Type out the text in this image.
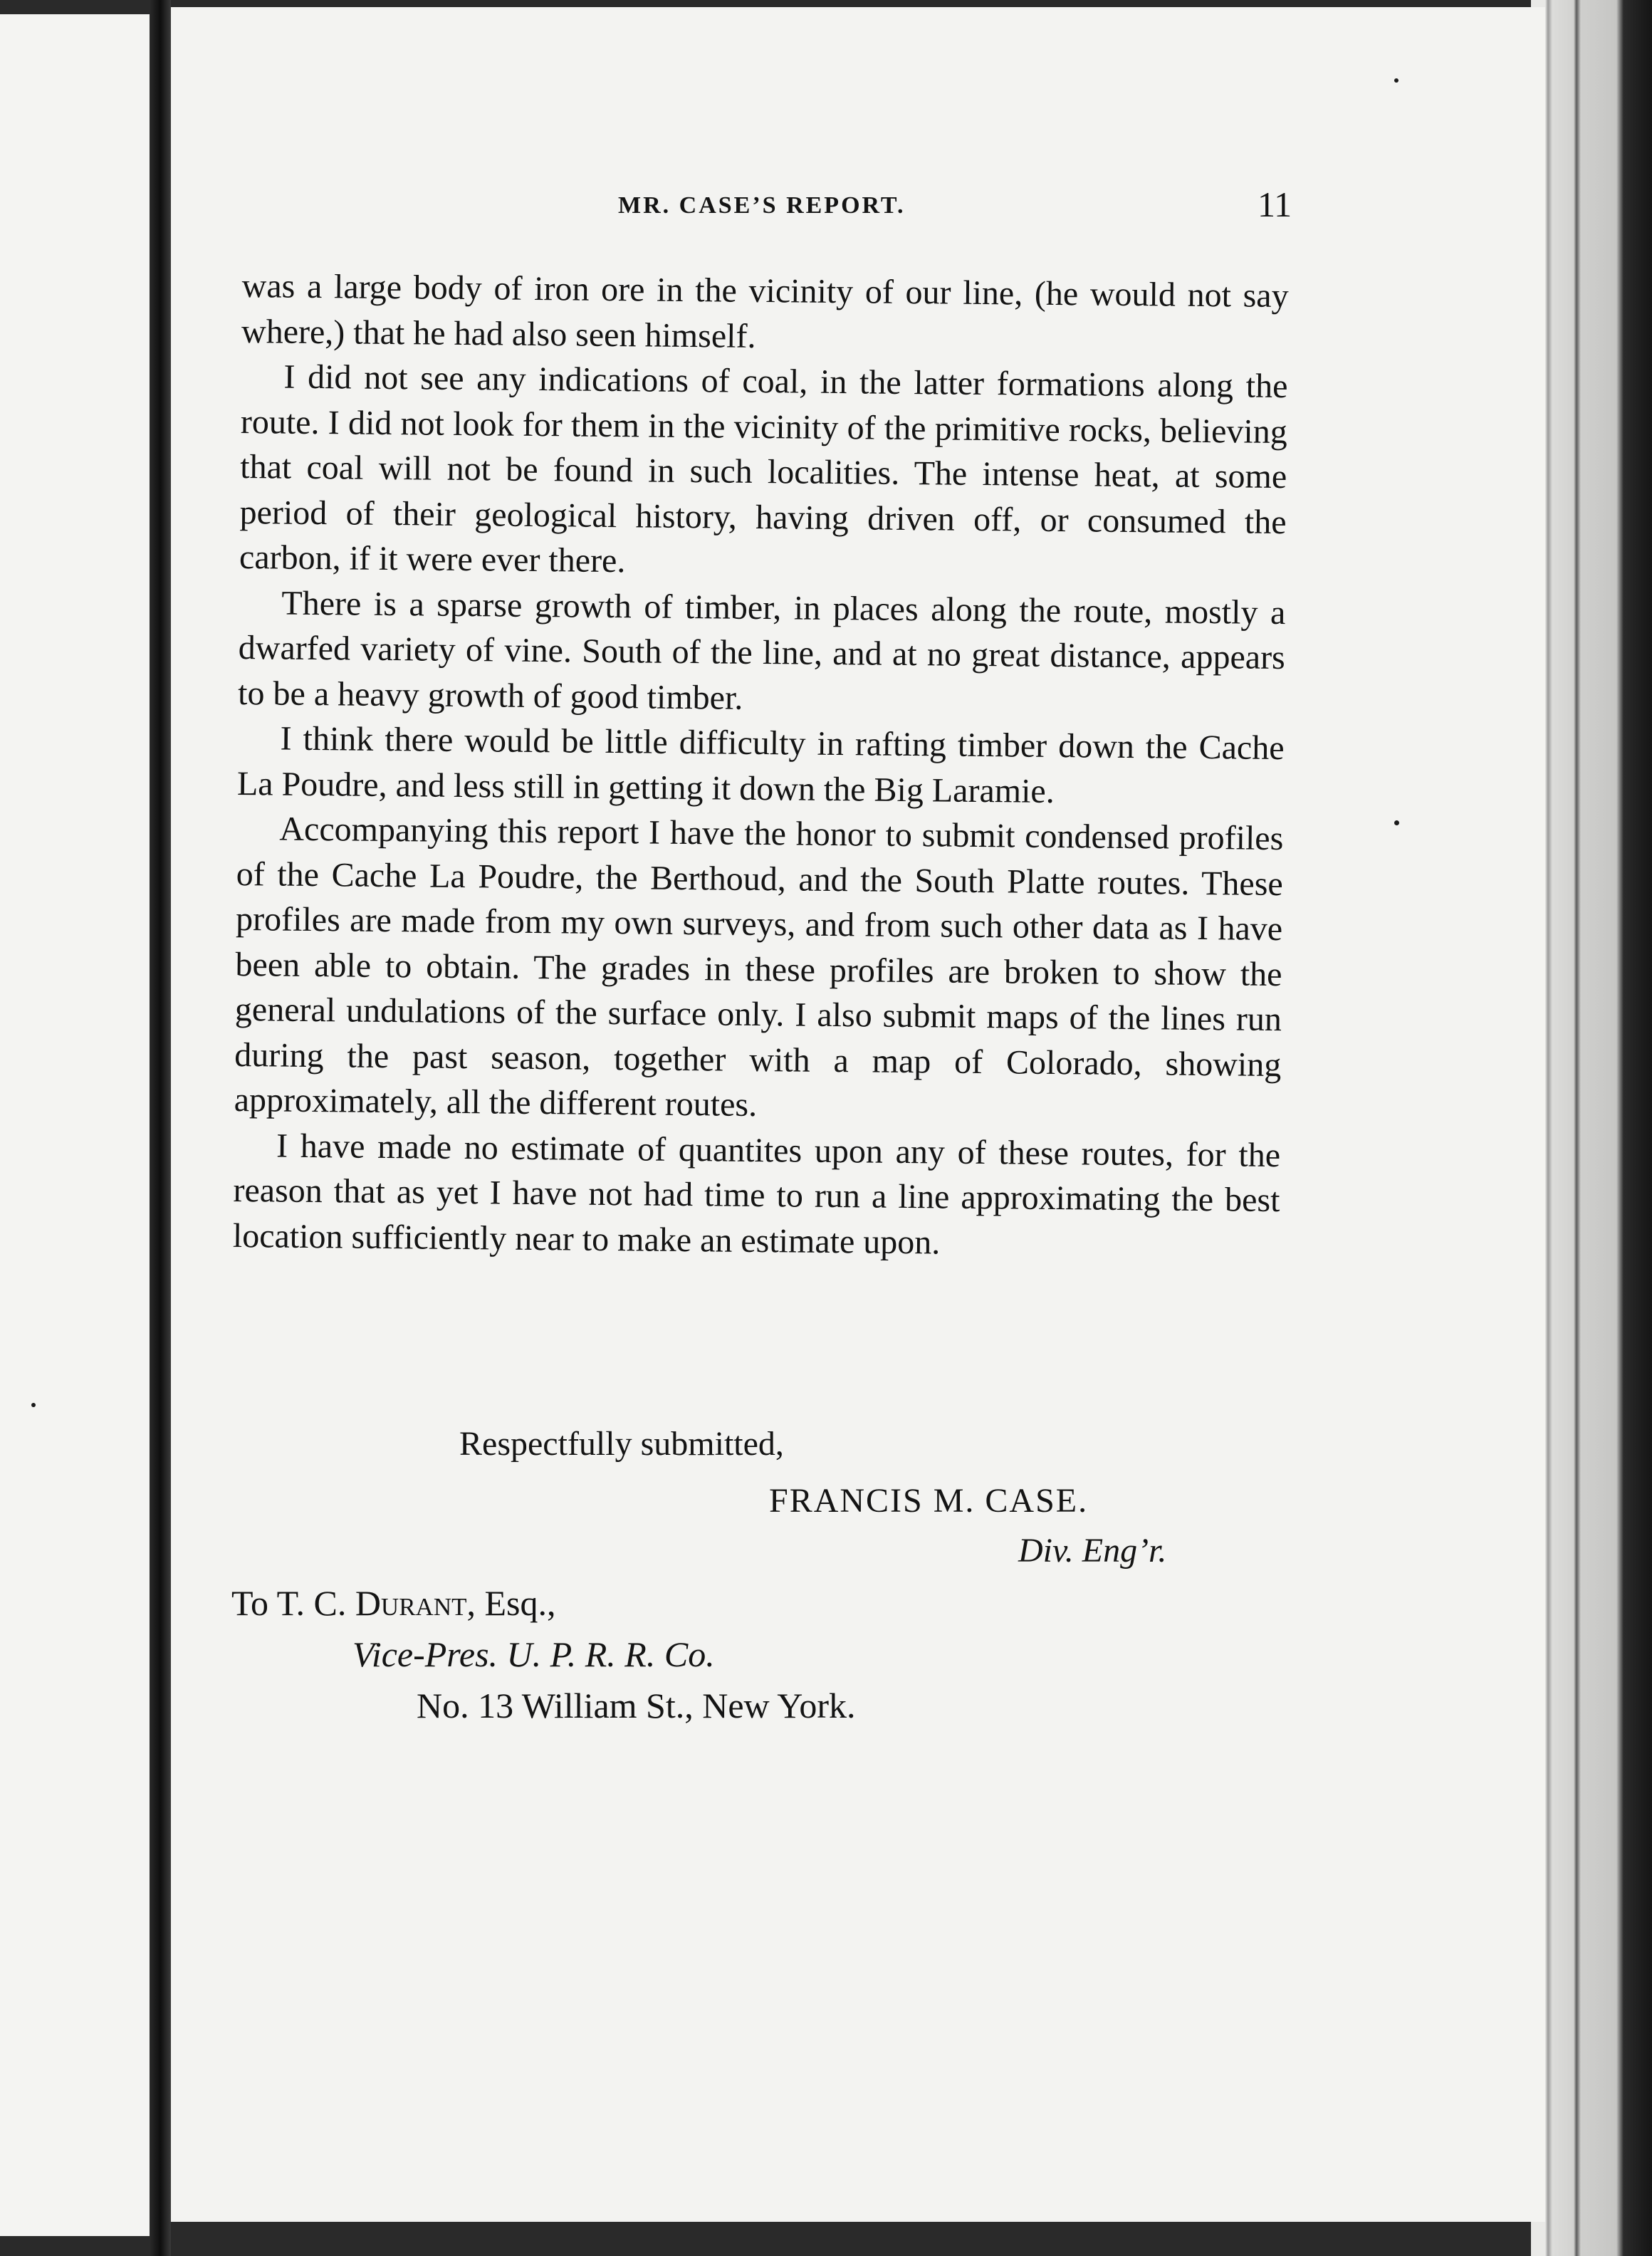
MR. CASE’S REPORT.	11

was a large body of iron ore in the vicinity of our line, (he would not say where,) that he had also seen himself.

I did not see any indications of coal, in the latter formations along the route. I did not look for them in the vicinity of the primitive rocks, believing that coal will not be found in such localities. The intense heat, at some period of their geological history, having driven off, or consumed the carbon, if it were ever there.

There is a sparse growth of timber, in places along the route, mostly a dwarfed variety of vine. South of the line, and at no great distance, appears to be a heavy growth of good timber.

I think there would be little difficulty in rafting timber down the Cache La Poudre, and less still in getting it down the Big Laramie.

Accompanying this report I have the honor to submit condensed profiles of the Cache La Poudre, the Berthoud, and the South Platte routes. These profiles are made from my own surveys, and from such other data as I have been able to obtain. The grades in these profiles are broken to show the general undulations of the surface only. I also submit maps of the lines run during the past season, together with a map of Colorado, showing approximately, all the different routes.

I have made no estimate of quantites upon any of these routes, for the reason that as yet I have not had time to run a line approximating the best location sufficiently near to make an estimate upon.

Respectfully submitted,
FRANCIS M. CASE.
Div. Eng’r.
To T. C. Durant, Esq.,
Vice-Pres. U. P. R. R. Co.
No. 13 William St., New York.
